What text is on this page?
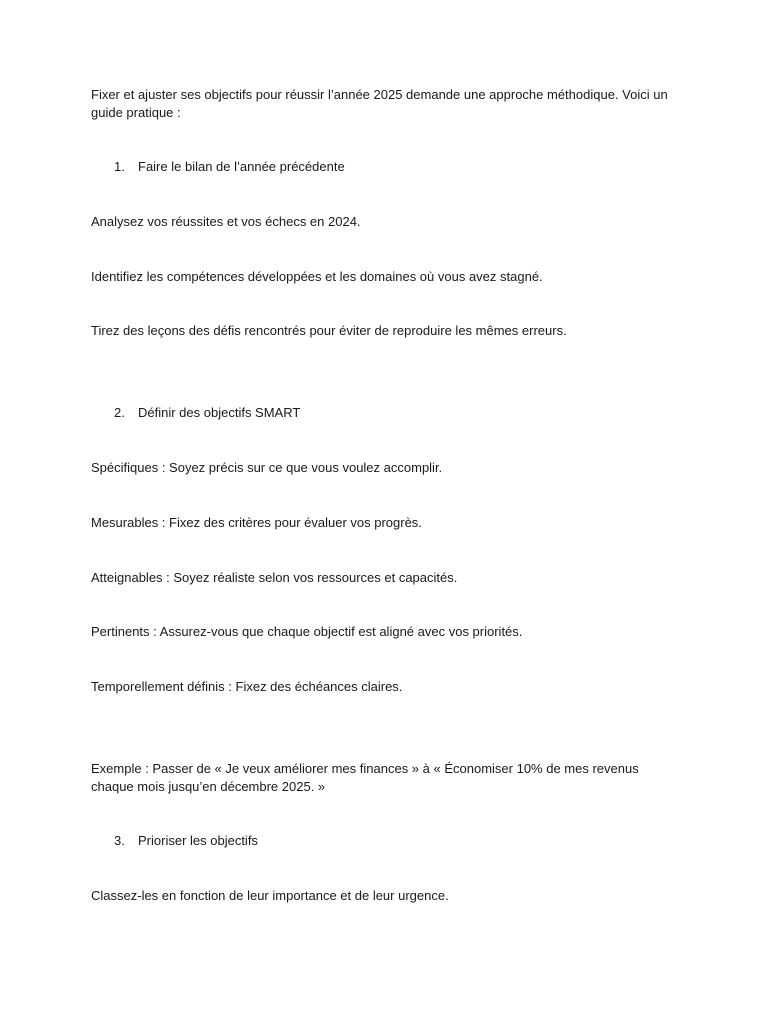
Fixer et ajuster ses objectifs pour réussir l’année 2025 demande une approche méthodique. Voici un guide pratique :

1.	Faire le bilan de l’année précédente

Analysez vos réussites et vos échecs en 2024.

Identifiez les compétences développées et les domaines où vous avez stagné.

Tirez des leçons des défis rencontrés pour éviter de reproduire les mêmes erreurs.

2.	Définir des objectifs SMART

Spécifiques : Soyez précis sur ce que vous voulez accomplir.

Mesurables : Fixez des critères pour évaluer vos progrès.

Atteignables : Soyez réaliste selon vos ressources et capacités.

Pertinents : Assurez-vous que chaque objectif est aligné avec vos priorités.

Temporellement définis : Fixez des échéances claires.

Exemple : Passer de « Je veux améliorer mes finances » à « Économiser 10% de mes revenus chaque mois jusqu’en décembre 2025. »

3.	Prioriser les objectifs

Classez-les en fonction de leur importance et de leur urgence.
